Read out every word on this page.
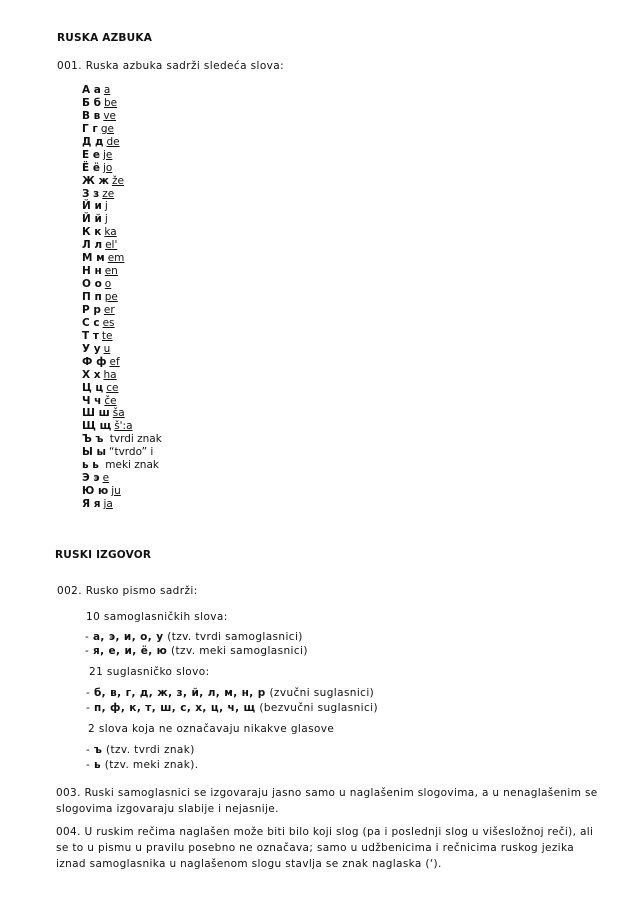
RUSKA AZBUKA
001. Ruska azbuka sadrži sledeća slova:
А а a
Б б be
В в ve
Г г ge
Д д de
Е е je
Ё ё jo
Ж ж že
З з ze
Й и j
Й й j
К к ka
Л л el'
М м em
Н н en
О о o
П п pe
Р р er
С с es
Т т te
У у u
Ф ф ef
Х х ha
Ц ц ce
Ч ч če
Ш ш ša
Щ щ š':a
Ъ ъ tvrdi znak
Ы ы “tvrdo” i
ь ь meki znak
Э э e
Ю ю ju
Я я ja
RUSKI IZGOVOR
002. Rusko pismo sadrži:
10 samoglasničkih slova:
- а, э, и, о, у (tzv. tvrdi samoglasnici)
- я, е, и, ё, ю (tzv. meki samoglasnici)
21 suglasničko slovo:
- б, в, г, д, ж, з, й, л, м, н, р (zvučni suglasnici)
- п, ф, к, т, ш, с, х, ц, ч, щ (bezvučni suglasnici)
2 slova koja ne označavaju nikakve glasove
- ъ (tzv. tvrdi znak)
- ь (tzv. meki znak).
003. Ruski samoglasnici se izgovaraju jasno samo u naglašenim slogovima, a u nenaglašenim se slogovima izgovaraju slabije i nejasnije.
004. U ruskim rečima naglašen može biti bilo koji slog (pa i poslednji slog u višesložnoj reči), ali se to u pismu u pravilu posebno ne označava; samo u udžbenicima i rečnicima ruskog jezika iznad samoglasnika u naglašenom slogu stavlja se znak naglaska (‘).
